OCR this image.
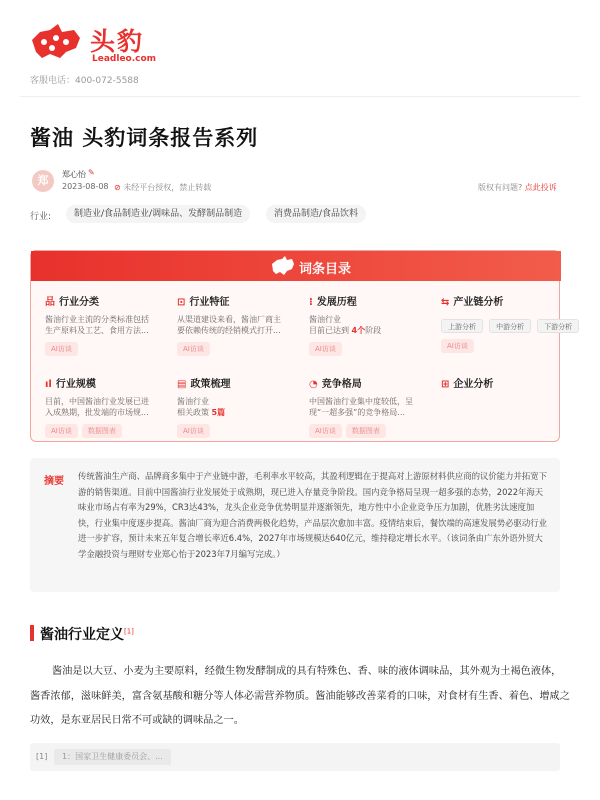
头豹
Leadleo.com
客服电话：400-072-5588
酱油 头豹词条报告系列
郑	郑心怡 ✎
2023-08-08 ⊘ 未经平台授权，禁止转载	版权有问题? 点此投诉
行业:	制造业/食品制造业/调味品、发酵制品制造	消费品制造/食品饮料
词条目录
品 行业分类
酱油行业主流的分类标准包括
生产原料及工艺、食用方法...
AI访谈
⊡ 行业特征
从渠道建设来看，酱油厂商主
要依赖传统的经销模式打开...
AI访谈
⁝ 发展历程
酱油行业
目前已达到 4个阶段
AI访谈
⇆ 产业链分析
上游分析	中游分析	下游分析
AI访谈
ıl 行业规模
目前，中国酱油行业发展已进
入成熟期，批发端的市场规...
AI访谈 数据图表
▤ 政策梳理
酱油行业
相关政策 5篇
AI访谈
◔ 竞争格局
中国酱油行业集中度较低，呈
现“一超多强”的竞争格局...
AI访谈 数据图表
⊞ 企业分析
摘要 传统酱油生产商、品牌商多集中于产业链中游，毛利率水平较高，其盈利逻辑在于提高对上游原材料供应商的议价能力并拓宽下游的销售渠道。目前中国酱油行业发展处于成熟期，现已进入存量竞争阶段。国内竞争格局呈现一超多强的态势，2022年海天味业市场占有率为29%，CR3达43%，龙头企业竞争优势明显并逐渐领先，地方性中小企业竞争压力加剧，优胜劣汰速度加快，行业集中度逐步提高。酱油厂商为迎合消费两极化趋势，产品层次愈加丰富。疫情结束后，餐饮端的高速发展势必驱动行业进一步扩容，预计未来五年复合增长率近6.4%，2027年市场规模达640亿元，维持稳定增长水平。（该词条由广东外语外贸大学金融投资与理财专业郑心怡于2023年7月编写完成。）
酱油行业定义[1]
酱油是以大豆、小麦为主要原料，经微生物发酵制成的具有特殊色、香、味的液体调味品，其外观为土褐色液体，酱香浓郁，滋味鲜美，富含氨基酸和糖分等人体必需营养物质。酱油能够改善菜肴的口味，对食材有生香、着色、增咸之功效，是东亚居民日常不可或缺的调味品之一。
[1]	1：国家卫生健康委员会、...
